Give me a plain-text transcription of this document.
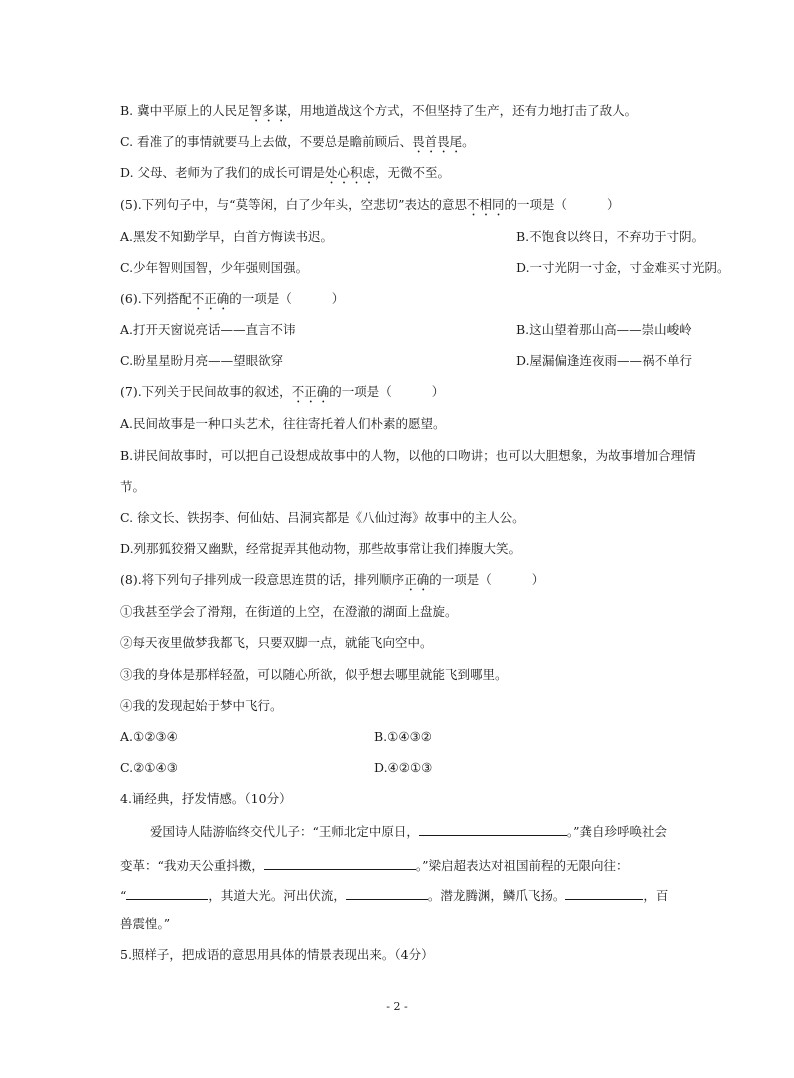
B. 冀中平原上的人民足智多谋，用地道战这个方式，不但坚持了生产，还有力地打击了敌人。
C. 看准了的事情就要马上去做，不要总是瞻前顾后、畏首畏尾。
D. 父母、老师为了我们的成长可谓是处心积虑，无微不至。
(5).下列句子中，与“莫等闲，白了少年头，空悲切”表达的意思不相同的一项是（	）
A.黑发不知勤学早，白首方悔读书迟。	B.不饱食以终日，不弃功于寸阴。
C.少年智则国智，少年强则国强。	D.一寸光阴一寸金，寸金难买寸光阴。
(6).下列搭配不正确的一项是（	）
A.打开天窗说亮话——直言不讳	B.这山望着那山高——崇山峻岭
C.盼星星盼月亮——望眼欲穿	D.屋漏偏逢连夜雨——祸不单行
(7).下列关于民间故事的叙述，不正确的一项是（	）
A.民间故事是一种口头艺术，往往寄托着人们朴素的愿望。
B.讲民间故事时，可以把自己设想成故事中的人物，以他的口吻讲；也可以大胆想象，为故事增加合理情
节。
C. 徐文长、铁拐李、何仙姑、吕洞宾都是《八仙过海》故事中的主人公。
D.列那狐狡猾又幽默，经常捉弄其他动物，那些故事常让我们捧腹大笑。
(8).将下列句子排列成一段意思连贯的话，排列顺序正确的一项是（	）
①我甚至学会了滑翔，在街道的上空，在澄澈的湖面上盘旋。
②每天夜里做梦我都飞，只要双脚一点，就能飞向空中。
③我的身体是那样轻盈，可以随心所欲，似乎想去哪里就能飞到哪里。
④我的发现起始于梦中飞行。
A.①②③④	B.①④③②
C.②①④③	D.④②①③
4.诵经典，抒发情感。（10分）
爱国诗人陆游临终交代儿子：“王师北定中原日，	。”龚自珍呼唤社会
变革：“我劝天公重抖擞，	。”梁启超表达对祖国前程的无限向往：
“	，其道大光。河出伏流，	。潜龙腾渊，鳞爪飞扬。	，百
兽震惶。”
5.照样子，把成语的意思用具体的情景表现出来。（4分）
- 2 -
